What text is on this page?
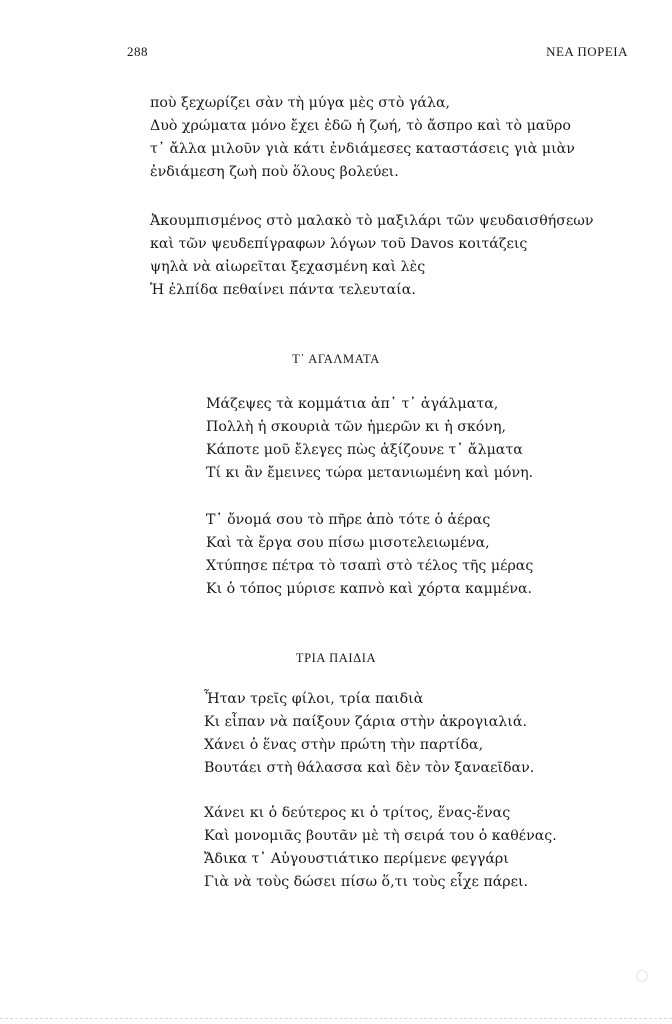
288	ΝΕΑ ΠΟΡΕΙΑ
ποὺ ξεχωρίζει σὰν τὴ μύγα μὲς στὸ γάλα,
Δυὸ χρώματα μόνο ἔχει ἐδῶ ἡ ζωή, τὸ ἄσπρο καὶ τὸ μαῦρο
τ᾿ ἄλλα μιλοῦν γιὰ κάτι ἐνδιάμεσες καταστάσεις γιὰ μιὰν
ἐνδιάμεση ζωὴ ποὺ ὅλους βολεύει.
Ἀκουμπισμένος στὸ μαλακὸ τὸ μαξιλάρι τῶν ψευδαισθήσεων
καὶ τῶν ψευδεπίγραφων λόγων τοῦ Davos κοιτάζεις
ψηλὰ νὰ αἰωρεῖται ξεχασμένη καὶ λὲς
Ἡ ἐλπίδα πεθαίνει πάντα τελευταία.
Τ᾿ ΑΓΑΛΜΑΤΑ
Μάζεψες τὰ κομμάτια ἀπ᾿ τ᾿ ἀγάλματα,
Πολλὴ ἡ σκουριὰ τῶν ἡμερῶν κι ἡ σκόνη,
Κάποτε μοῦ ἔλεγες πὼς ἀξίζουνε τ᾿ ἄλματα
Τί κι ἂν ἔμεινες τώρα μετανιωμένη καὶ μόνη.
Τ᾿ ὄνομά σου τὸ πῆρε ἀπὸ τότε ὁ ἀέρας
Καὶ τὰ ἔργα σου πίσω μισοτελειωμένα,
Χτύπησε πέτρα τὸ τσαπὶ στὸ τέλος τῆς μέρας
Κι ὁ τόπος μύρισε καπνὸ καὶ χόρτα καμμένα.
ΤΡΙΑ ΠΑΙΔΙΑ
Ἦταν τρεῖς φίλοι, τρία παιδιὰ
Κι εἶπαν νὰ παίξουν ζάρια στὴν ἀκρογιαλιά.
Χάνει ὁ ἕνας στὴν πρώτη τὴν παρτίδα,
Βουτάει στὴ θάλασσα καὶ δὲν τὸν ξαναεῖδαν.
Χάνει κι ὁ δεύτερος κι ὁ τρίτος, ἕνας-ἕνας
Καὶ μονομιᾶς βουτᾶν μὲ τὴ σειρά του ὁ καθένας.
Ἄδικα τ᾿ Αὐγουστιάτικο περίμενε φεγγάρι
Γιὰ νὰ τοὺς δώσει πίσω ὅ,τι τοὺς εἶχε πάρει.
